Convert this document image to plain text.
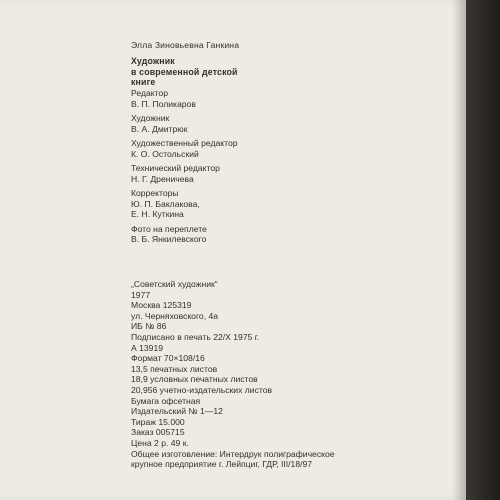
Элла Зиновьевна Ганкина

Художник
в современной детской
книге
Редактор
В. П. Поликаров
Художник
В. А. Дмитрюк
Художественный редактор
К. О. Остольский
Технический редактор
Н. Г. Дреничева
Корректоры
Ю. П. Баклакова,
Е. Н. Куткина
Фото на переплете
В. Б. Янкилевского
„Советский художник“
1977
Москва 125319
ул. Черняховского, 4а
ИБ № 86
Подписано в печать 22/X 1975 г.
А 13919
Формат 70×108/16
13,5 печатных листов
18,9 условных печатных листов
20,956 учетно-издательских листов
Бумага офсетная
Издательский № 1—12
Тираж 15.000
Заказ 005715
Цена 2 р. 49 к.
Общее изготовление: Интердрук полиграфическое
крупное предприятие г. Лейпциг, ГДР, III/18/97
